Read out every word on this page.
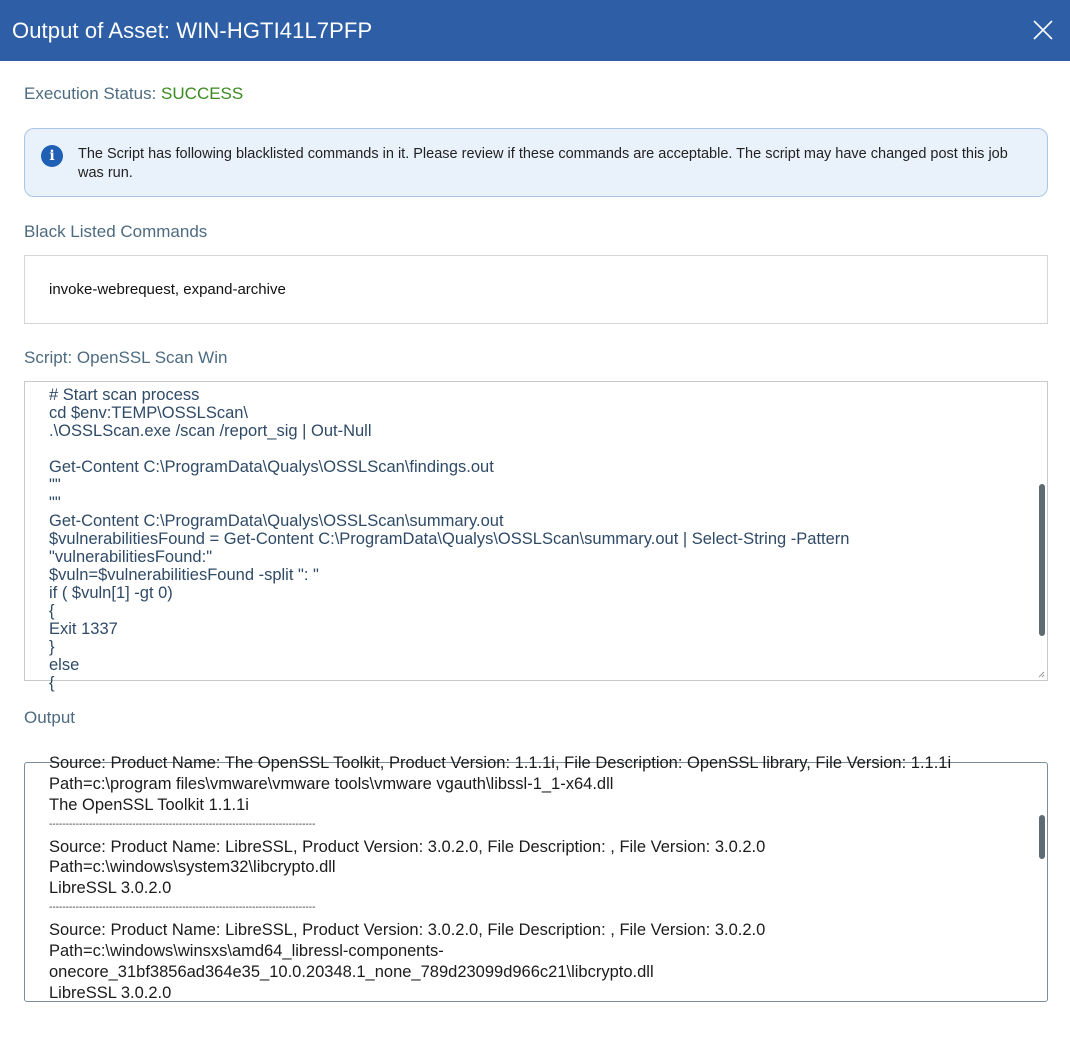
Output of Asset: WIN-HGTI41L7PFP
Execution Status: SUCCESS
i	The Script has following blacklisted commands in it. Please review if these commands are acceptable. The script may have changed post this job was run.
Black Listed Commands
invoke-webrequest, expand-archive
Script: OpenSSL Scan Win
# Start scan process
cd $env:TEMP\OSSLScan\
.\OSSLScan.exe /scan /report_sig | Out-Null
Get-Content C:\ProgramData\Qualys\OSSLScan\findings.out
""
""
Get-Content C:\ProgramData\Qualys\OSSLScan\summary.out
$vulnerabilitiesFound = Get-Content C:\ProgramData\Qualys\OSSLScan\summary.out | Select-String -Pattern
"vulnerabilitiesFound:"
$vuln=$vulnerabilitiesFound -split ": "
if ( $vuln[1] -gt 0)
{
Exit 1337
}
else
{
Output
Source: Product Name: The OpenSSL Toolkit, Product Version: 1.1.1i, File Description: OpenSSL library, File Version: 1.1.1i
Path=c:\program files\vmware\vmware tools\vmware vgauth\libssl-1_1-x64.dll
The OpenSSL Toolkit 1.1.1i
--------------------------------------------------------------------------------
Source: Product Name: LibreSSL, Product Version: 3.0.2.0, File Description: , File Version: 3.0.2.0
Path=c:\windows\system32\libcrypto.dll
LibreSSL 3.0.2.0
--------------------------------------------------------------------------------
Source: Product Name: LibreSSL, Product Version: 3.0.2.0, File Description: , File Version: 3.0.2.0
Path=c:\windows\winsxs\amd64_libressl-components-
onecore_31bf3856ad364e35_10.0.20348.1_none_789d23099d966c21\libcrypto.dll
LibreSSL 3.0.2.0
